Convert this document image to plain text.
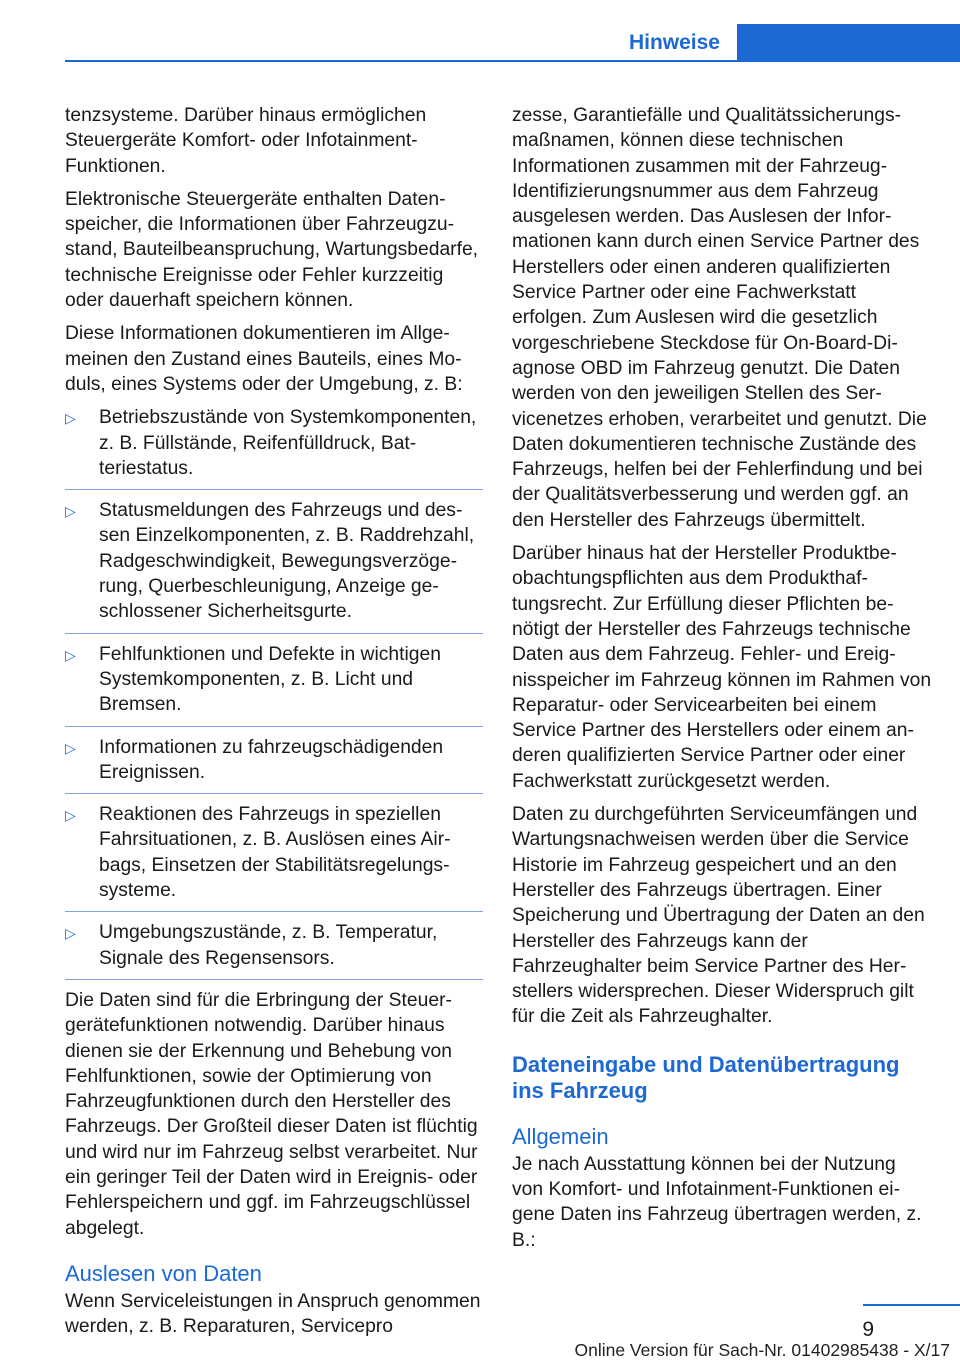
Hinweise

tenzsysteme. Darüber hinaus ermöglichen Steuergeräte Komfort- oder Infotainment-Funktionen.

Elektronische Steuergeräte enthalten Datenspeicher, die Informationen über Fahrzeugzustand, Bauteilbeanspruchung, Wartungsbedarfe, technische Ereignisse oder Fehler kurzzeitig oder dauerhaft speichern können.

Diese Informationen dokumentieren im Allgemeinen den Zustand eines Bauteils, eines Moduls, eines Systems oder der Umgebung, z. B:

▷ Betriebszustände von Systemkomponenten, z. B. Füllstände, Reifenfülldruck, Batteriestatus.
▷ Statusmeldungen des Fahrzeugs und dessen Einzelkomponenten, z. B. Raddrehzahl, Radgeschwindigkeit, Bewegungsverzögerung, Querbeschleunigung, Anzeige geschlossener Sicherheitsgurte.
▷ Fehlfunktionen und Defekte in wichtigen Systemkomponenten, z. B. Licht und Bremsen.
▷ Informationen zu fahrzeugschädigenden Ereignissen.
▷ Reaktionen des Fahrzeugs in speziellen Fahrsituationen, z. B. Auslösen eines Airbags, Einsetzen der Stabilitätsregelungssysteme.
▷ Umgebungszustände, z. B. Temperatur, Signale des Regensensors.

Die Daten sind für die Erbringung der Steuergerätefunktionen notwendig. Darüber hinaus dienen sie der Erkennung und Behebung von Fehlfunktionen, sowie der Optimierung von Fahrzeugfunktionen durch den Hersteller des Fahrzeugs. Der Großteil dieser Daten ist flüchtig und wird nur im Fahrzeug selbst verarbeitet. Nur ein geringer Teil der Daten wird in Ereignis- oder Fehlerspeichern und ggf. im Fahrzeugschlüssel abgelegt.

Auslesen von Daten

Wenn Serviceleistungen in Anspruch genommen werden, z. B. Reparaturen, Servicepro

zesse, Garantiefälle und Qualitätssicherungsmaßnamen, können diese technischen Informationen zusammen mit der Fahrzeug-Identifizierungsnummer aus dem Fahrzeug ausgelesen werden. Das Auslesen der Informationen kann durch einen Service Partner des Herstellers oder einen anderen qualifizierten Service Partner oder eine Fachwerkstatt erfolgen. Zum Auslesen wird die gesetzlich vorgeschriebene Steckdose für On-Board-Diagnose OBD im Fahrzeug genutzt. Die Daten werden von den jeweiligen Stellen des Servicenetzes erhoben, verarbeitet und genutzt. Die Daten dokumentieren technische Zustände des Fahrzeugs, helfen bei der Fehlerfindung und bei der Qualitätsverbesserung und werden ggf. an den Hersteller des Fahrzeugs übermittelt.

Darüber hinaus hat der Hersteller Produktbeobachtungspflichten aus dem Produkthaftungsrecht. Zur Erfüllung dieser Pflichten benötigt der Hersteller des Fahrzeugs technische Daten aus dem Fahrzeug. Fehler- und Ereignisspeicher im Fahrzeug können im Rahmen von Reparatur- oder Servicearbeiten bei einem Service Partner des Herstellers oder einem anderen qualifizierten Service Partner oder einer Fachwerkstatt zurückgesetzt werden.

Daten zu durchgeführten Serviceumfängen und Wartungsnachweisen werden über die Service Historie im Fahrzeug gespeichert und an den Hersteller des Fahrzeugs übertragen. Einer Speicherung und Übertragung der Daten an den Hersteller des Fahrzeugs kann der Fahrzeughalter beim Service Partner des Herstellers widersprechen. Dieser Widerspruch gilt für die Zeit als Fahrzeughalter.

Dateneingabe und Datenübertragung ins Fahrzeug
Allgemein

Je nach Ausstattung können bei der Nutzung von Komfort- und Infotainment-Funktionen eigene Daten ins Fahrzeug übertragen werden, z. B.:

9
Online Version für Sach-Nr. 01402985438 - X/17
